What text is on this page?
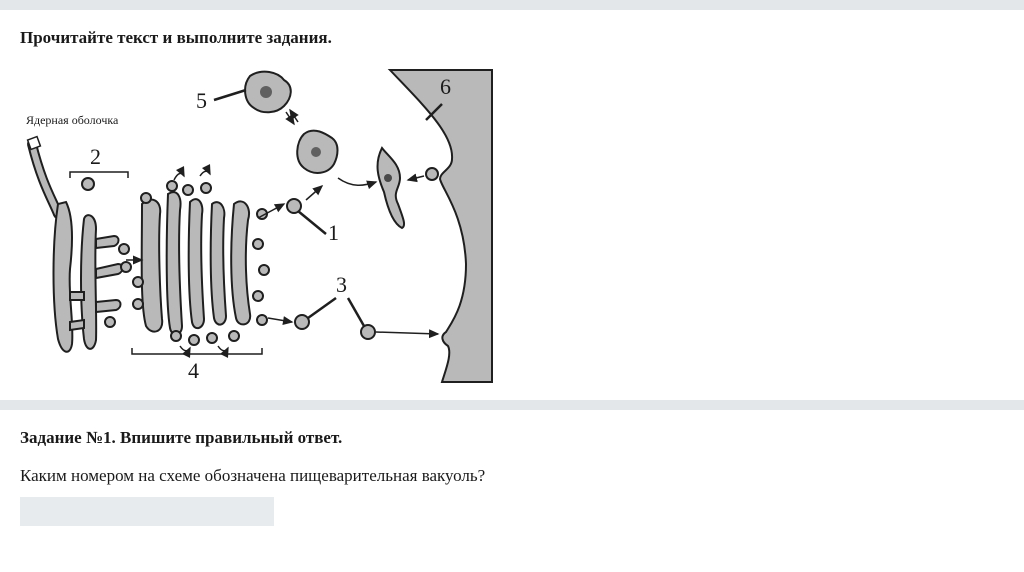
Прочитайте текст и выполните задания.
Ядерная оболочка
1
2
3
4
5
6
Задание №1. Впишите правильный ответ.
Каким номером на схеме обозначена пищеварительная вакуоль?
